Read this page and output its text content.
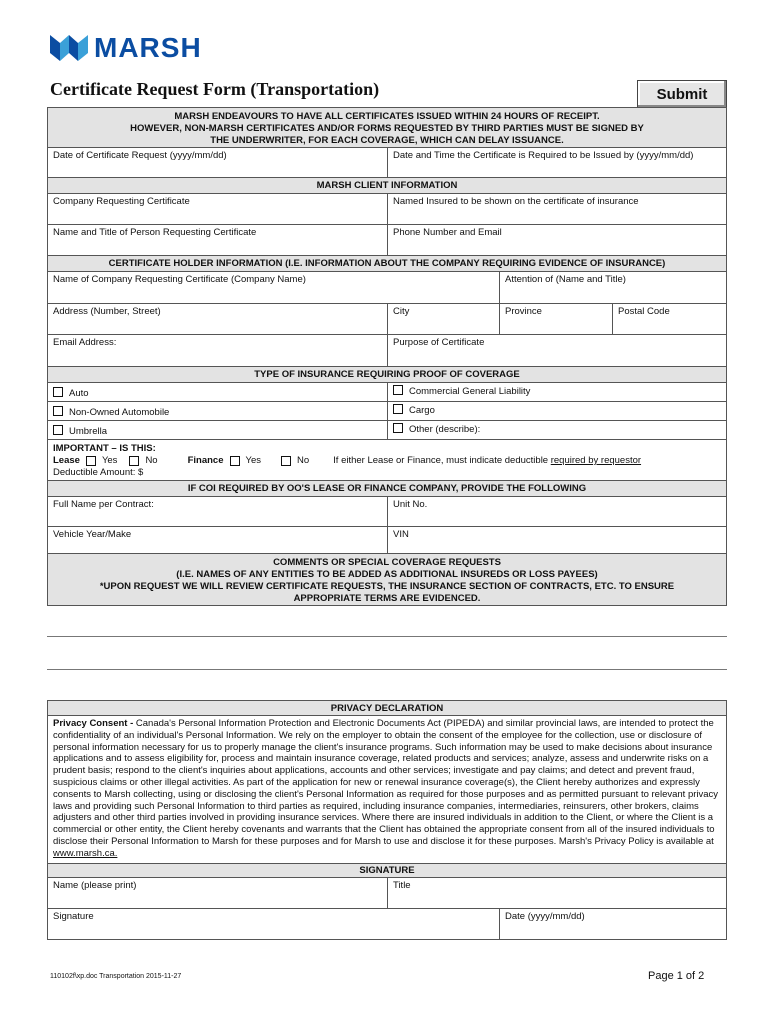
MARSH
Certificate Request Form (Transportation)	Submit
MARSH ENDEAVOURS TO HAVE ALL CERTIFICATES ISSUED WITHIN 24 HOURS OF RECEIPT.
HOWEVER, NON-MARSH CERTIFICATES AND/OR FORMS REQUESTED BY THIRD PARTIES MUST BE SIGNED BY
THE UNDERWRITER, FOR EACH COVERAGE, WHICH CAN DELAY ISSUANCE.
Date of Certificate Request (yyyy/mm/dd)	Date and Time the Certificate is Required to be Issued by (yyyy/mm/dd)
MARSH CLIENT INFORMATION
Company Requesting Certificate	Named Insured to be shown on the certificate of insurance
Name and Title of Person Requesting Certificate	Phone Number and Email
CERTIFICATE HOLDER INFORMATION (I.E. INFORMATION ABOUT THE COMPANY REQUIRING EVIDENCE OF INSURANCE)
Name of Company Requesting Certificate (Company Name)	Attention of (Name and Title)
Address (Number, Street)	City	Province	Postal Code
Email Address:	Purpose of Certificate
TYPE OF INSURANCE REQUIRING PROOF OF COVERAGE
Auto	Commercial General Liability
Non-Owned Automobile	Cargo
Umbrella	Other (describe):
IMPORTANT – IS THIS:
Lease Yes	No	Finance Yes	No	If either Lease or Finance, must indicate deductible required by requestor
Deductible Amount: $
IF COI REQUIRED BY OO'S LEASE OR FINANCE COMPANY, PROVIDE THE FOLLOWING
Full Name per Contract:	Unit No.
Vehicle Year/Make	VIN
COMMENTS OR SPECIAL COVERAGE REQUESTS
(I.E. NAMES OF ANY ENTITIES TO BE ADDED AS ADDITIONAL INSUREDS OR LOSS PAYEES)
*UPON REQUEST WE WILL REVIEW CERTIFICATE REQUESTS, THE INSURANCE SECTION OF CONTRACTS, ETC. TO ENSURE
APPROPRIATE TERMS ARE EVIDENCED.
PRIVACY DECLARATION
Privacy Consent - Canada's Personal Information Protection and Electronic Documents Act (PIPEDA) and similar provincial laws, are intended to protect the confidentiality of an individual's Personal Information. We rely on the employer to obtain the consent of the employee for the collection, use or disclosure of personal information necessary for us to properly manage the client's insurance programs. Such information may be used to make decisions about insurance applications and to assess eligibility for, process and maintain insurance coverage, related products and services; analyze, assess and underwrite risks on a prudent basis; respond to the client's inquiries about applications, accounts and other services; investigate and pay claims; and detect and prevent fraud, suspicious claims or other illegal activities. As part of the application for new or renewal insurance coverage(s), the Client hereby authorizes and expressly consents to Marsh collecting, using or disclosing the client's Personal Information as required for those purposes and as permitted pursuant to relevant privacy laws and providing such Personal Information to third parties as required, including insurance companies, intermediaries, reinsurers, other brokers, claims adjusters and other third parties involved in providing insurance services. Where there are insured individuals in addition to the Client, or where the Client is a commercial or other entity, the Client hereby covenants and warrants that the Client has obtained the appropriate consent from all of the insured individuals to disclose their Personal Information to Marsh for these purposes and for Marsh to use and disclose it for these purposes. Marsh's Privacy Policy is available at www.marsh.ca.
SIGNATURE
Name (please print)	Title
Signature	Date (yyyy/mm/dd)
110102f\xp.doc Transportation 2015-11-27	Page 1 of 2
